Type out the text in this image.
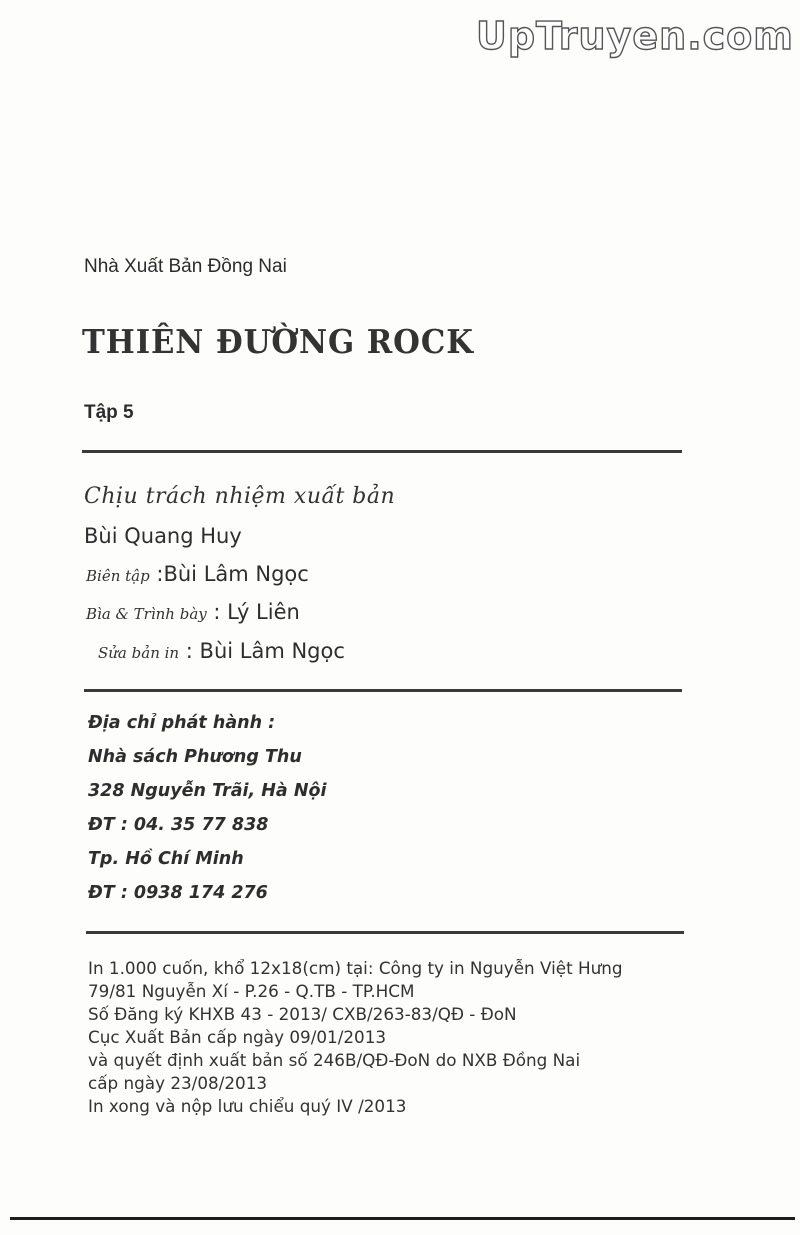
UpTruyen.com
Nhà Xuất Bản Đồng Nai
THIÊN ĐƯỜNG ROCK
Tập 5
Chịu trách nhiệm xuất bản
Bùi Quang Huy
Biên tập :Bùi Lâm Ngọc
Bìa & Trình bày : Lý Liên
Sửa bản in : Bùi Lâm Ngọc
Địa chỉ phát hành :
Nhà sách Phương Thu
328 Nguyễn Trãi, Hà Nội
ĐT : 04. 35 77 838
Tp. Hồ Chí Minh
ĐT : 0938 174 276
In 1.000 cuốn, khổ 12x18(cm) tại: Công ty in Nguyễn Việt Hưng
79/81 Nguyễn Xí - P.26 - Q.TB - TP.HCM
Số Đăng ký KHXB 43 - 2013/ CXB/263-83/QĐ - ĐoN
Cục Xuất Bản cấp ngày 09/01/2013
và quyết định xuất bản số 246B/QĐ-ĐoN do NXB Đồng Nai
cấp ngày 23/08/2013
In xong và nộp lưu chiểu quý IV /2013
